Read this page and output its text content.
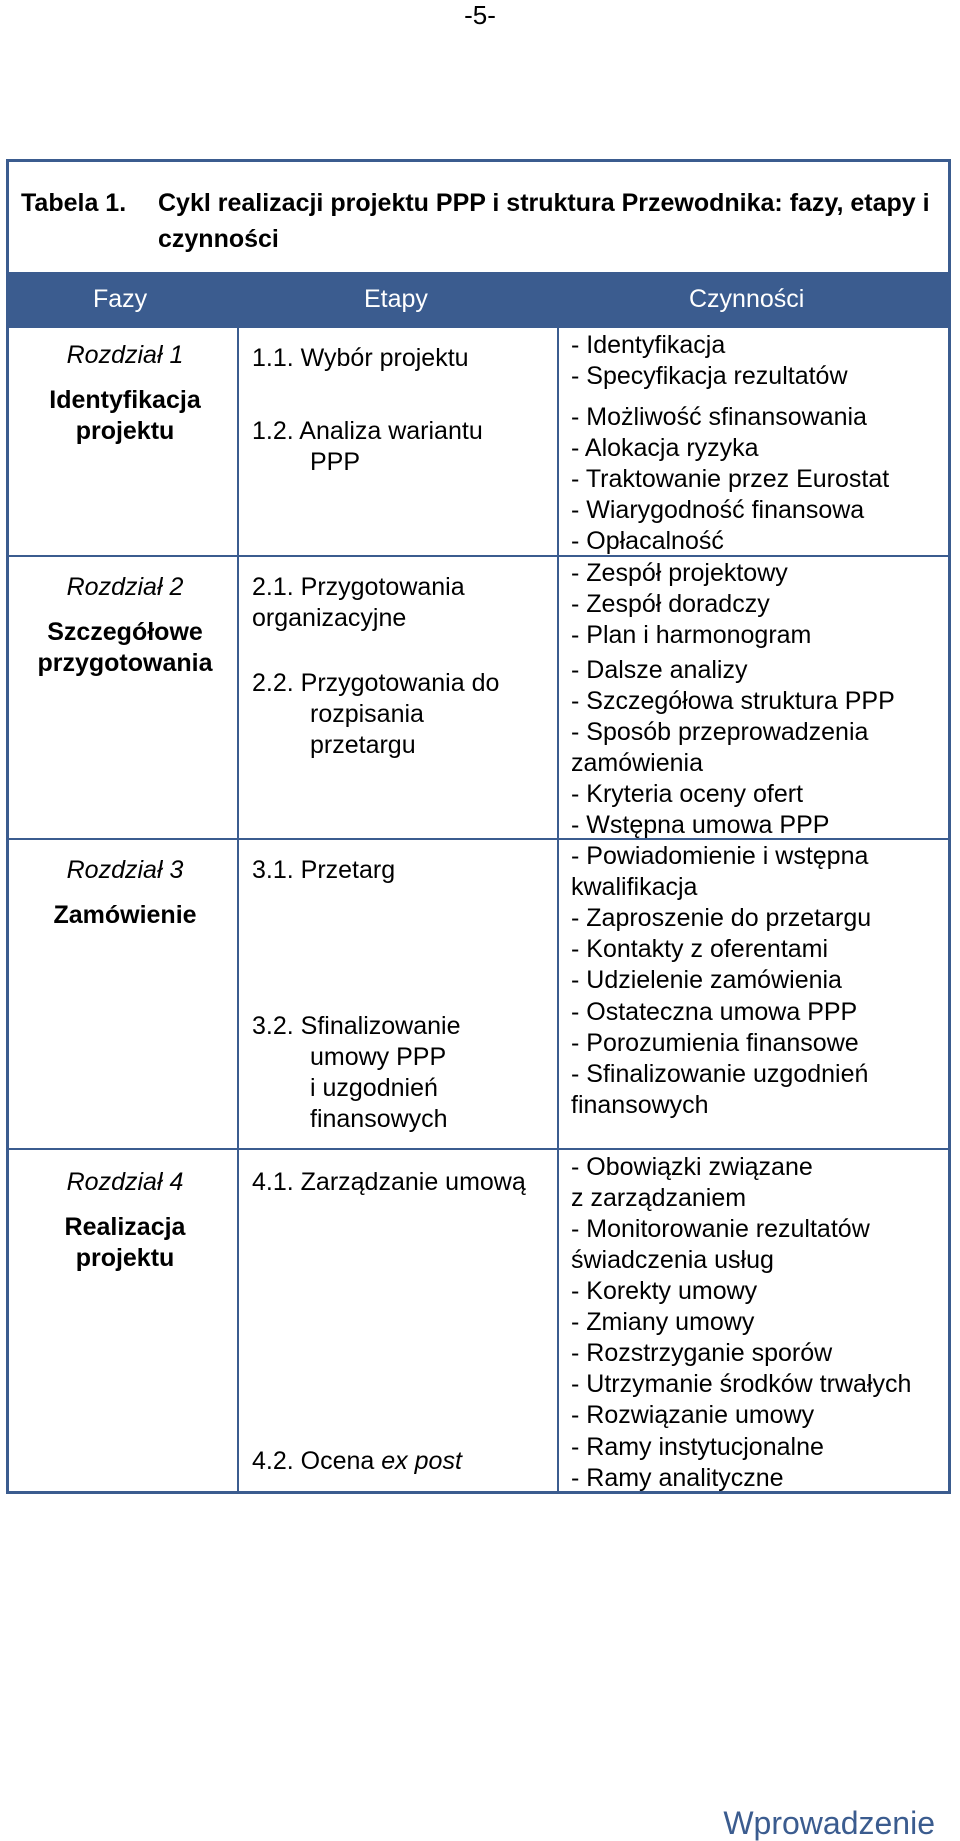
-5-
Tabela 1. Cykl realizacji projektu PPP i struktura Przewodnika: fazy, etapy i czynności
Fazy	Etapy	Czynności
Rozdział 1
Identyfikacja
projektu
1.1. Wybór projektu
1.2. Analiza wariantu
PPP
- Identyfikacja
- Specyfikacja rezultatów
- Możliwość sfinansowania
- Alokacja ryzyka
- Traktowanie przez Eurostat
- Wiarygodność finansowa
- Opłacalność
Rozdział 2
Szczegółowe
przygotowania
2.1. Przygotowania
organizacyjne
2.2. Przygotowania do
rozpisania
przetargu
- Zespół projektowy
- Zespół doradczy
- Plan i harmonogram
- Dalsze analizy
- Szczegółowa struktura PPP
- Sposób przeprowadzenia
zamówienia
- Kryteria oceny ofert
- Wstępna umowa PPP
Rozdział 3
Zamówienie
3.1. Przetarg
3.2. Sfinalizowanie
umowy PPP
i uzgodnień
finansowych
- Powiadomienie i wstępna
kwalifikacja
- Zaproszenie do przetargu
- Kontakty z oferentami
- Udzielenie zamówienia
- Ostateczna umowa PPP
- Porozumienia finansowe
- Sfinalizowanie uzgodnień
finansowych
Rozdział 4
Realizacja
projektu
4.1. Zarządzanie umową
4.2. Ocena ex post
- Obowiązki związane
z zarządzaniem
- Monitorowanie rezultatów
świadczenia usług
- Korekty umowy
- Zmiany umowy
- Rozstrzyganie sporów
- Utrzymanie środków trwałych
- Rozwiązanie umowy
- Ramy instytucjonalne
- Ramy analityczne
Wprowadzenie
